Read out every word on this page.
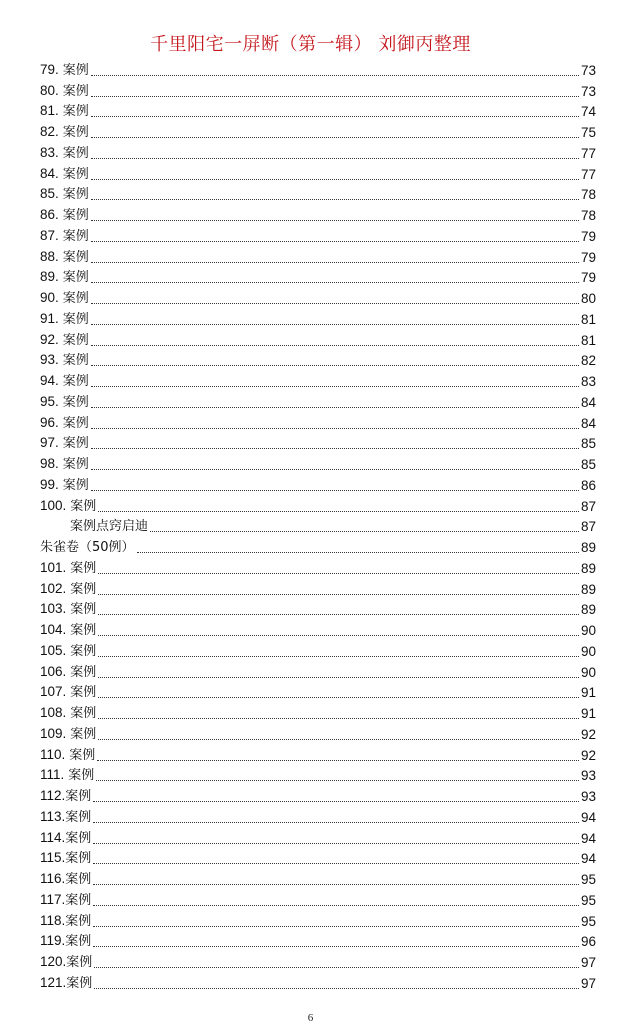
千里阳宅一屏断（第一辑） 刘御丙整理
79. 案例	73
80. 案例	73
81. 案例	74
82. 案例	75
83. 案例	77
84. 案例	77
85. 案例	78
86. 案例	78
87. 案例	79
88. 案例	79
89. 案例	79
90. 案例	80
91. 案例	81
92. 案例	81
93. 案例	82
94. 案例	83
95. 案例	84
96. 案例	84
97. 案例	85
98. 案例	85
99. 案例	86
100. 案例	87
案例点窍启迪	87
朱雀卷（50例）	89
101. 案例	89
102. 案例	89
103. 案例	89
104. 案例	90
105. 案例	90
106. 案例	90
107. 案例	91
108. 案例	91
109. 案例	92
110. 案例	92
111. 案例	93
112.案例	93
113.案例	94
114.案例	94
115.案例	94
116.案例	95
117.案例	95
118.案例	95
119.案例	96
120.案例	97
121.案例	97
6
